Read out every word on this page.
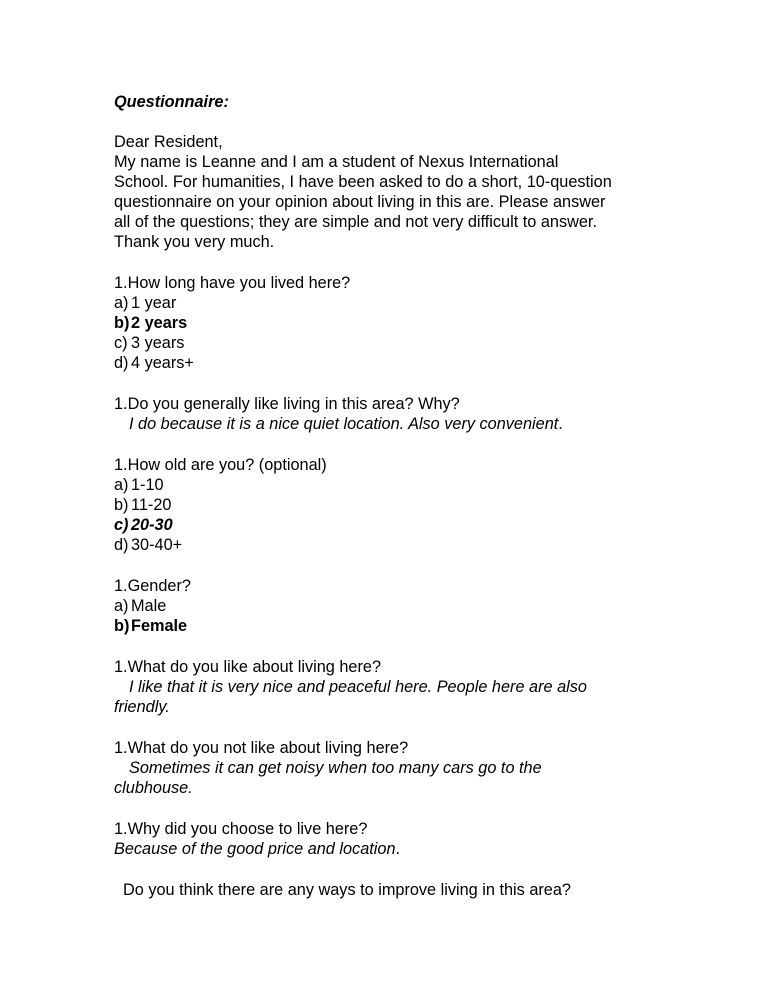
Questionnaire:
Dear Resident,
My name is Leanne and I am a student of Nexus International
School. For humanities, I have been asked to do a short, 10-question
questionnaire on your opinion about living in this are. Please answer
all of the questions; they are simple and not very difficult to answer.
Thank you very much.
1.How long have you lived here?
a) 1 year
b)2 years
c) 3 years
d) 4 years+
1.Do you generally like living in this area? Why?
I do because it is a nice quiet location. Also very convenient.
1.How old are you? (optional)
a) 1-10
b) 11-20
c) 20-30
d) 30-40+
1.Gender?
a) Male
b)Female
1.What do you like about living here?
I like that it is very nice and peaceful here. People here are also
friendly.
1.What do you not like about living here?
Sometimes it can get noisy when too many cars go to the
clubhouse.
1.Why did you choose to live here?
Because of the good price and location.
Do you think there are any ways to improve living in this area?
